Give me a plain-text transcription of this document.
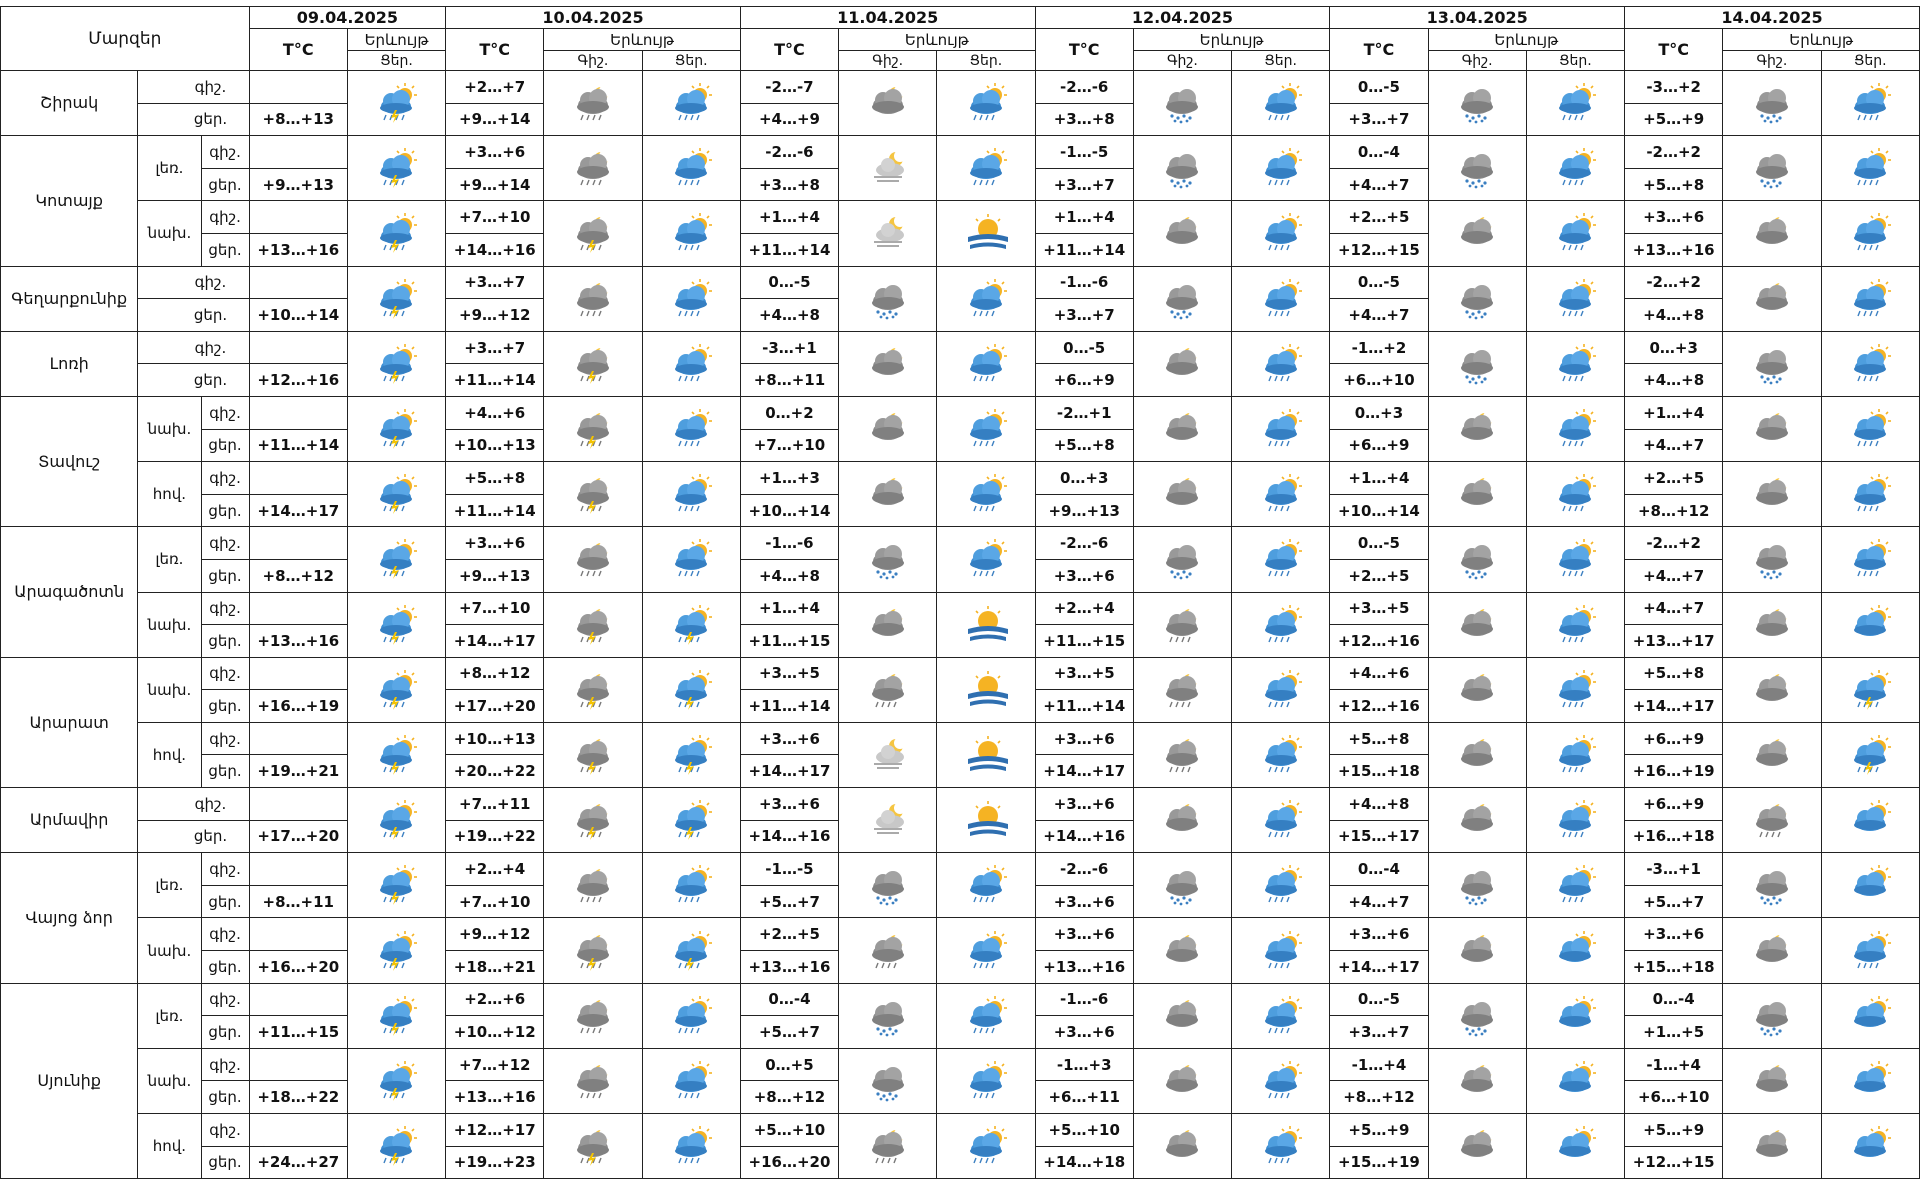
Մարզեր			09.04.2025		10.04.2025			11.04.2025			12.04.2025			13.04.2025			14.04.2025		
			T°C	Երևույթ	T°C	Երևույթ		T°C	Երևույթ		T°C	Երևույթ		T°C	Երևույթ		T°C	Երևույթ	
				Ցեր.		Գիշ.	Ցեր.		Գիշ.	Ցեր.		Գիշ.	Ցեր.		Գիշ.	Ցեր.		Գիշ.	Ցեր.
Շիրակ	գիշ.				+2…+7			-2…-7			-2…-6			0…-5			-3…+2	

	ցեր.		+8…+13		+9…+14			+4…+9			+3…+8			+3…+7			+5…+9		
Կոտայք	լեռ.	գիշ.			+3…+6			-2…-6			-1…-5			0…-4			-2…+2	

		ցեր.	+9…+13		+9…+14			+3…+8			+3…+7			+4…+7			+5…+8		
	նախ.	գիշ.			+7…+10			+1…+4			+1…+4			+2…+5			+3…+6	

		ցեր.	+13…+16		+14…+16			+11…+14			+11…+14			+12…+15			+13…+16		
Գեղարքունիք	գիշ.				+3…+7			0…-5			-1…-6			0…-5			-2…+2	

	ցեր.		+10…+14		+9…+12			+4…+8			+3…+7			+4…+7			+4…+8		
Լոռի	գիշ.				+3…+7			-3…+1			0…-5			-1…+2			0…+3	

	ցեր.		+12…+16		+11…+14			+8…+11			+6…+9			+6…+10			+4…+8		
Տավուշ	նախ.	գիշ.			+4…+6			0…+2			-2…+1			0…+3			+1…+4	

		ցեր.	+11…+14		+10…+13			+7…+10			+5…+8			+6…+9			+4…+7		
	հով.	գիշ.			+5…+8			+1…+3			0…+3			+1…+4			+2…+5	

		ցեր.	+14…+17		+11…+14			+10…+14			+9…+13			+10…+14			+8…+12		
Արագածոտն	լեռ.	գիշ.			+3…+6			-1…-6			-2…-6			0…-5			-2…+2	

		ցեր.	+8…+12		+9…+13			+4…+8			+3…+6			+2…+5			+4…+7		
	նախ.	գիշ.			+7…+10			+1…+4			+2…+4			+3…+5			+4…+7	

		ցեր.	+13…+16		+14…+17			+11…+15			+11…+15			+12…+16			+13…+17		
Արարատ	նախ.	գիշ.			+8…+12			+3…+5			+3…+5			+4…+6			+5…+8	

		ցեր.	+16…+19		+17…+20			+11…+14			+11…+14			+12…+16			+14…+17		
	հով.	գիշ.			+10…+13			+3…+6			+3…+6			+5…+8			+6…+9	

		ցեր.	+19…+21		+20…+22			+14…+17			+14…+17			+15…+18			+16…+19		
Արմավիր	գիշ.				+7…+11			+3…+6			+3…+6			+4…+8			+6…+9	

	ցեր.		+17…+20		+19…+22			+14…+16			+14…+16			+15…+17			+16…+18		
Վայոց ձոր	լեռ.	գիշ.			+2…+4			-1…-5			-2…-6			0…-4			-3…+1	

		ցեր.	+8…+11		+7…+10			+5…+7			+3…+6			+4…+7			+5…+7		
	նախ.	գիշ.			+9…+12			+2…+5			+3…+6			+3…+6			+3…+6	

		ցեր.	+16…+20		+18…+21			+13…+16			+13…+16			+14…+17			+15…+18		
Սյունիք	լեռ.	գիշ.			+2…+6			0…-4			-1…-6			0…-5			0…-4	

		ցեր.	+11…+15		+10…+12			+5…+7			+3…+6			+3…+7			+1…+5		
	նախ.	գիշ.			+7…+12			0…+5			-1…+3			-1…+4			-1…+4	

		ցեր.	+18…+22		+13…+16			+8…+12			+6…+11			+8…+12			+6…+10		
	հով.	գիշ.			+12…+17			+5…+10			+5…+10			+5…+9			+5…+9	

		ցեր.	+24…+27		+19…+23			+16…+20			+14…+18			+15…+19			+12…+15		
